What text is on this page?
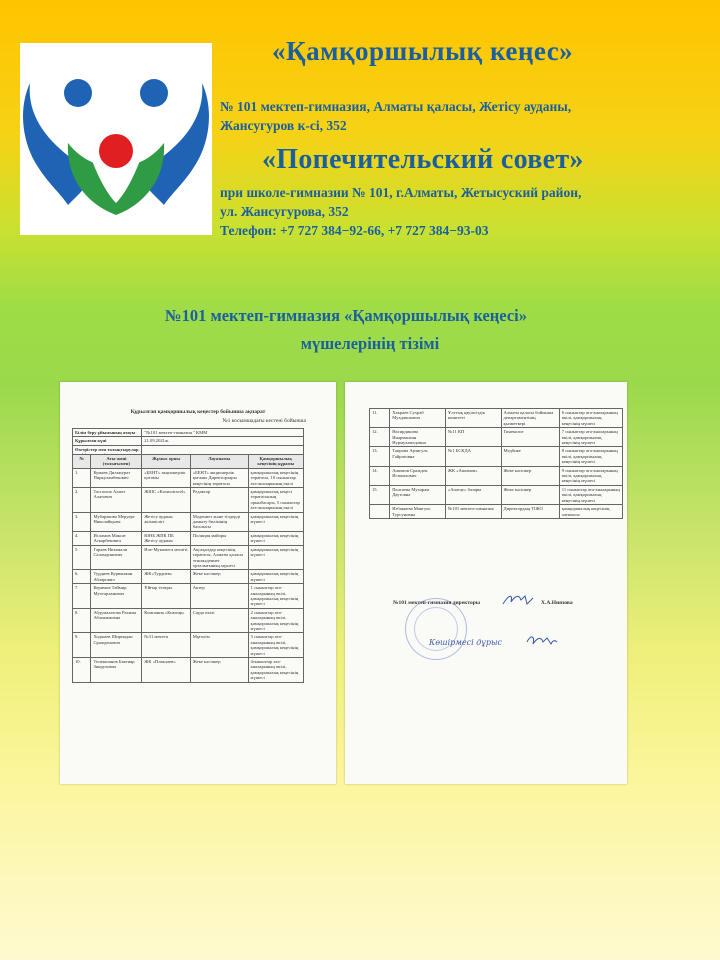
«Қамқоршылық кеңес»
№ 101 мектеп-гимназия, Алматы қаласы, Жетісу ауданы,
Жансугуров к-сі, 352
«Попечительский совет»
при школе-гимназии № 101, г.Алматы, Жетысуский район,
ул. Жансугурова, 352
Телефон: +7 727 384−92-66, +7 727 384−93-03
№101 мектеп-гимназия «Қамқоршылық кеңесі»
мүшелерінің тізімі
Құрылған қамқоршылық кеңестер бойынша ақпарат
№1 косымшадағы кестені бойынша
Білім беру ұйымының атауы	"№101 мектеп-гимназия " КММ
Құрылған күні	21.09.2021ж.
Өзгерістер мен толықтырулар	
№	Аты-жөні (толығымен)	Жұмыс орны	Лауазымы	Қамқоршылық кеңесінің құрамы
1.	Кумаев Дильмурат Пиркуламбекович	«БЕНТ» акционерлік қоғамы	«БЕНТ» акционерлік қоғамы Директорлары кеңесінің төрағасы	қамқоршылық кеңесінің төрағасы, 10 сыныптар ата-аналарының өкілі
2.	Тасполов Алмат Алатович	ЖШС «Kosmotravel»	Редактор	қамқоршылық кеңесі төрағасының орынбасары, 5 сыныптар ата-аналарының өкілі
3.	Мубаракова Меруерт Николайқызы	Жетісу ауданы әкімшілігі	Мәдениет және тілдерді дамыту бөлімінің басшысы	қамқоршылық кеңесінің мүшесі
4.	Исламов Максат Аскарбекович	ЮНБ ЖПК ПБ Жетісу ауданы	Полиция майоры	қамқоршылық кеңесінің мүшесі
5.	Гараев Низамали Саламдинович	Иле-Мукимега мешіті	Ақсақалдар кеңесінің төрағасы, Алматы қаласы этномәдениет орталығының мүшесі	қамқоршылық кеңесінің мүшесі
6.	Турдиев Курванжан Абларович	ЖК«Турдиев»	Жеке кәсіпкер	қамқоршылық кеңесінің мүшесі
7.	Керимов Таймир Мухтарханович	Ұйғыр театры	Актер	1 сыныптар ата-аналарының өкілі, қамқоршылық кеңесінің мүшесі
8.	Абдумахатова Рахима Абликимовна	Компания «Кимгир»	Сауда өкілі	2 сыныптар ата-аналарының өкілі, қамқоршылық кеңесінің мүшесі
9.	Ходжаев Ширмадан Сражденович	№31 мектеп	Мұғалім	3 сыныптар ата-аналарының өкілі, қамқоршылық кеңесінің мүшесі
10.	Тилекшанов Бактияр Зикрулович	ЖК «Плаклаев»	Жеке кәсіпкер	4сыныптар ата-аналарының өкілі, қамқоршылық кеңесінің мүшесі
11.	Хакраев Сухраб Мухдавшович	Ұлттық қауіпсіздік комитеті	Алматы қаласы бойынша департаментінің қызметкері	6 сыныптар ата-аналарының өкілі, қамқоршылық кеңесінің мүшесі
12.	Насирдинова Инарманхан Нурмухамедовна	№11 КП	Гинеколог	7 сыныптар ата-аналарының өкілі, қамқоршылық кеңесінің мүшесі
13.	Таирова Арзигуль Гайратовна	№1 БСКДА	Медбике	8 сыныптар ата-аналарының өкілі, қамқоршылық кеңесінің мүшесі
14.	Ашимов Сражден Исмаилович	ЖК «Ашимов»	Жеке кәсіпкер	9 сыныптар ата-аналарының өкілі, қамқоршылық кеңесінің мүшесі
15.	Палтаева Мухарам Даутовна	«Апатау» базары	Жеке кәсіпкер	11 сыныптар ата-аналарының өкілі, қамқоршылық кеңесінің мүшесі
	Избакиева Мавгуль Турсуновна	№101 мектеп-гимназия	Директордың ТІЖО	қамқоршылық кеңесінің хатшысы
№101 мектеп-гимназия директоры	Х.А.Ниязова
Көшірмесі дұрыс
